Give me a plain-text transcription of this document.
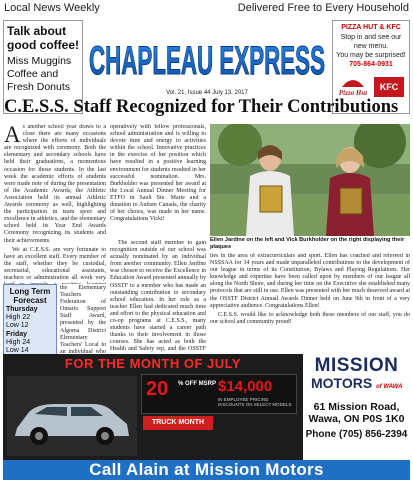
Local News Weekly	Delivered Free to Every Household
Talk about
good coffee!
Miss Muggins
Coffee and
Fresh Donuts
CHAPLEAU EXPRESS
Vol. 21, Issue 44 July 13, 2017
PIZZA HUT & KFC
Stop in and see our
new menu.
You may be surprised!
705-864-0931
Pizza Hut
KFC
C.E.S.S. Staff Recognized for Their Contributions

As another school year draws to a close there are many occasions where the efforts of individuals are recognized with ceremony. Both the elementary and secondary schools have held their graduations, a momentous occasion for those students. In the last week the academic efforts of students were made note of during the presentation of the Academic Awards, the Athletic Association held its annual Athletic Awards ceremony as well, highlighting the participation in team sport and excellence in athletics, and the elementary school held its Year End Awards Ceremony recognizing its students and their achievements.

We at C.E.S.S. are very fortunate to have an excellent staff. Every member of the staff, whether they be custodial, secretarial, educational assistants, teachers or administration all work very

the Elementary Teachers Federation of Ontario Support Staff Award, presented by the Algoma District Elementary Teachers' Local to an individual who
operatively with fellow professionals, school administration and is willing to devote time and energy to activities within the school. Innovative practices in the exercise of her position which have resulted in a positive learning environment for students resulted in her successful nomination. Mrs. Burkholder was presented her award at the Local Annual Dinner Meeting for ETFO in Sault Ste. Marie and a donation to Autism Canada, the charity of her choice, was made in her name. Congratulations Vicki!
The second staff member to gain recognition outside of our school was actually nominated by an individual from another community. Ellen Jardine was chosen to receive the Excellence in Education Award presented annually by OSSTF to a member who has made an outstanding contribution to secondary school education. In her role as a teacher Ellen had dedicated much time and effort to the physical education and co-op programs at C.E.S.S., many students have started a career path thanks to their involvement in those courses. She has acted as both the Health and Safety rep, and the OSSTF
Ellen Jardine on the left and Vick Burkholder on the right displaying their plaques

lies in the area of extracurriculars and sport. Ellen has coached and refereed in NSSSAA for 34 years and made unparalleled contributions to the development of our league in terms of its Constitution, Bylaws and Playing Regulations. Her knowledge and expertise have been called upon by members of our league all along the North Shore, and during her time on the Executive she established many protocols that are still in use. Ellen was presented with her much deserved award at the OSSTF District Annual Awards Dinner held on June 9th in front of a very appreciative audience. Congratulations Ellen!

C.E.S.S. would like to acknowledge both these members of our staff, you do our school and community proud!

Long Term Forecast
Thursday
High 22
Low 12
Friday
High 24
Low 14
FOR THE MONTH OF JULY
20 % OFF MSRP $14,000
IN EMPLOYEE PRICING DISCOUNTS ON SELECT MODELS
TRUCK MONTH
MISSION
MOTORS of WAWA
61 Mission Road,
Wawa, ON P0S 1K0
Phone (705) 856-2394
Call Alain at Mission Motors
